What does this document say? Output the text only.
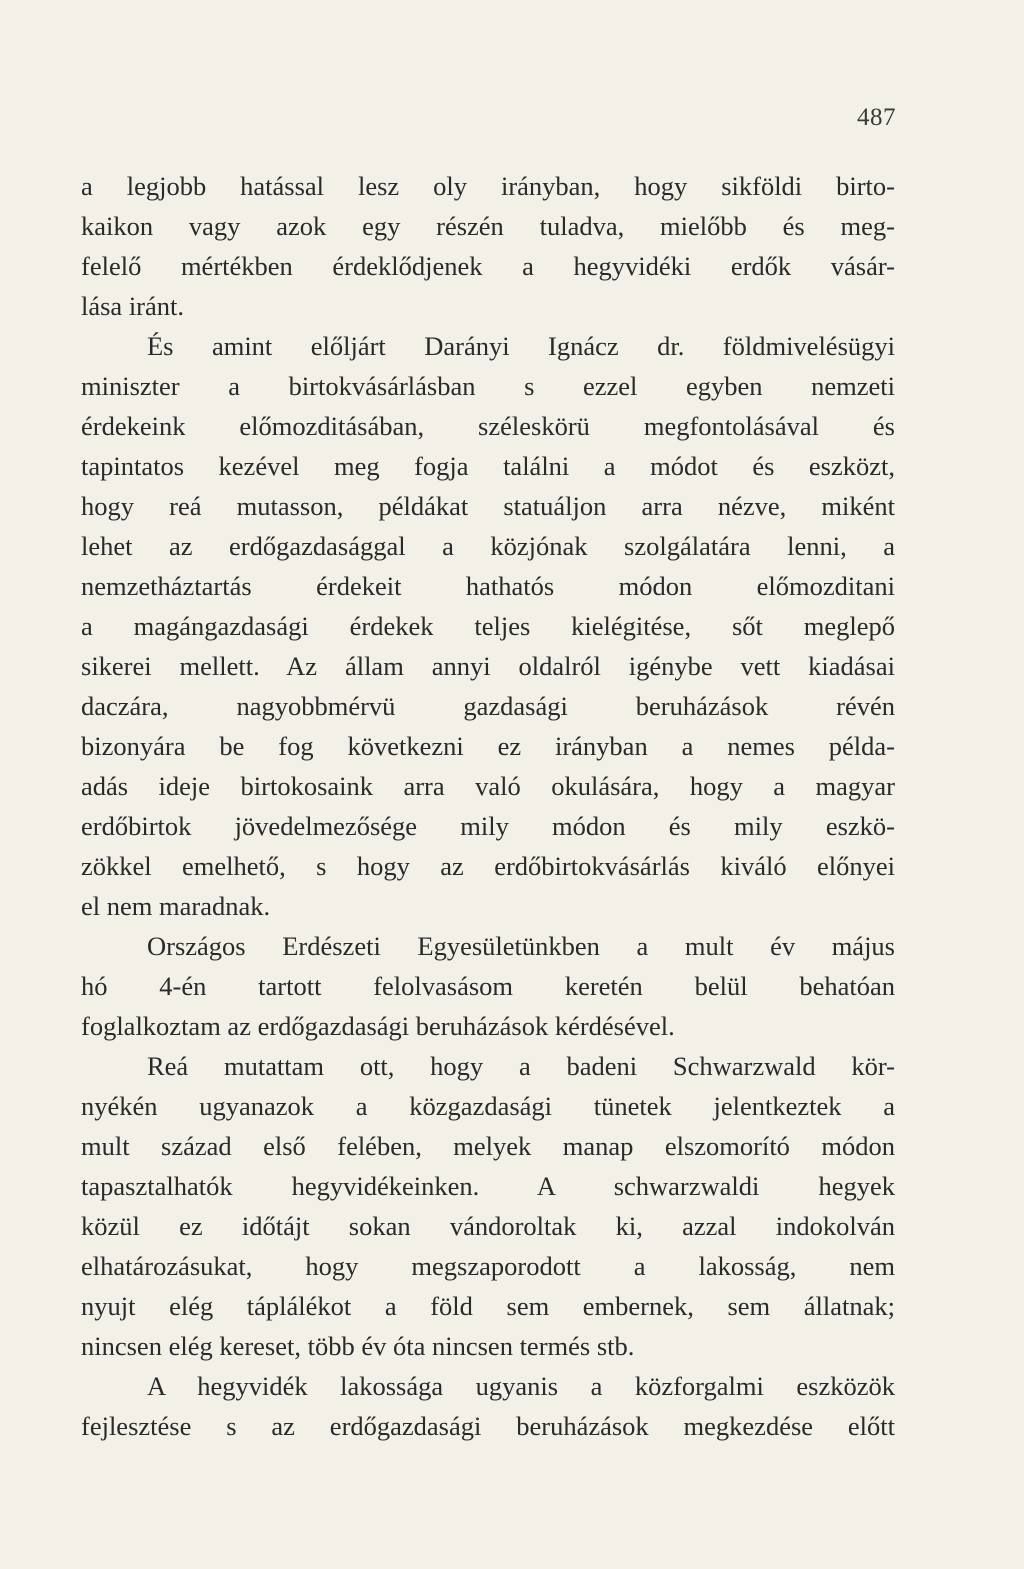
487
a legjobb hatással lesz oly irányban, hogy sikföldi birto-
kaikon vagy azok egy részén tuladva, mielőbb és meg-
felelő mértékben érdeklődjenek a hegyvidéki erdők vásár-
lása iránt.
És amint előljárt Darányi Ignácz dr. földmivelésügyi
miniszter a birtokvásárlásban s ezzel egyben nemzeti
érdekeink előmozditásában, széleskörü megfontolásával és
tapintatos kezével meg fogja találni a módot és eszközt,
hogy reá mutasson, példákat statuáljon arra nézve, miként
lehet az erdőgazdasággal a közjónak szolgálatára lenni, a
nemzetháztartás érdekeit hathatós módon előmozditani
a magángazdasági érdekek teljes kielégitése, sőt meglepő
sikerei mellett. Az állam annyi oldalról igénybe vett kiadásai
daczára, nagyobbmérvü gazdasági beruházások révén
bizonyára be fog következni ez irányban a nemes példa-
adás ideje birtokosaink arra való okulására, hogy a magyar
erdőbirtok jövedelmezősége mily módon és mily eszkö-
zökkel emelhető, s hogy az erdőbirtokvásárlás kiváló előnyei
el nem maradnak.
Országos Erdészeti Egyesületünkben a mult év május
hó 4-én tartott felolvasásom keretén belül behatóan
foglalkoztam az erdőgazdasági beruházások kérdésével.
Reá mutattam ott, hogy a badeni Schwarzwald kör-
nyékén ugyanazok a közgazdasági tünetek jelentkeztek a
mult század első felében, melyek manap elszomorító módon
tapasztalhatók hegyvidékeinken. A schwarzwaldi hegyek
közül ez időtájt sokan vándoroltak ki, azzal indokolván
elhatározásukat, hogy megszaporodott a lakosság, nem
nyujt elég táplálékot a föld sem embernek, sem állatnak;
nincsen elég kereset, több év óta nincsen termés stb.
A hegyvidék lakossága ugyanis a közforgalmi eszközök
fejlesztése s az erdőgazdasági beruházások megkezdése előtt
